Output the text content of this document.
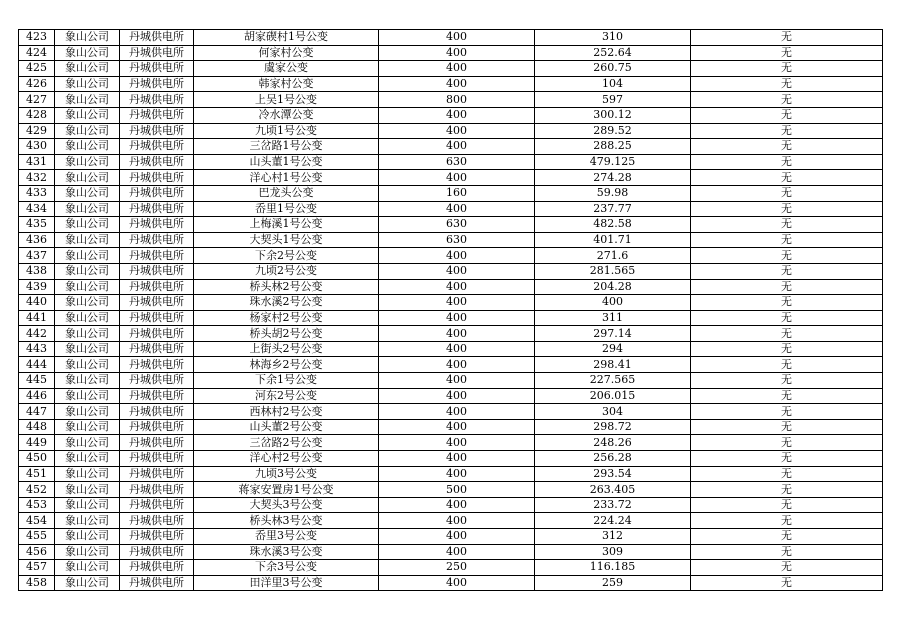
423	象山公司	丹城供电所	胡家碶村1号公变	400	310	无
424	象山公司	丹城供电所	何家村公变	400	252.64	无
425	象山公司	丹城供电所	虞家公变	400	260.75	无
426	象山公司	丹城供电所	韩家村公变	400	104	无
427	象山公司	丹城供电所	上吴1号公变	800	597	无
428	象山公司	丹城供电所	冷水潭公变	400	300.12	无
429	象山公司	丹城供电所	九顷1号公变	400	289.52	无
430	象山公司	丹城供电所	三岔路1号公变	400	288.25	无
431	象山公司	丹城供电所	山头董1号公变	630	479.125	无
432	象山公司	丹城供电所	洋心村1号公变	400	274.28	无
433	象山公司	丹城供电所	巴龙头公变	160	59.98	无
434	象山公司	丹城供电所	岙里1号公变	400	237.77	无
435	象山公司	丹城供电所	上梅溪1号公变	630	482.58	无
436	象山公司	丹城供电所	大契头1号公变	630	401.71	无
437	象山公司	丹城供电所	下余2号公变	400	271.6	无
438	象山公司	丹城供电所	九顷2号公变	400	281.565	无
439	象山公司	丹城供电所	桥头林2号公变	400	204.28	无
440	象山公司	丹城供电所	珠水溪2号公变	400	400	无
441	象山公司	丹城供电所	杨家村2号公变	400	311	无
442	象山公司	丹城供电所	桥头胡2号公变	400	297.14	无
443	象山公司	丹城供电所	上街头2号公变	400	294	无
444	象山公司	丹城供电所	林海乡2号公变	400	298.41	无
445	象山公司	丹城供电所	下余1号公变	400	227.565	无
446	象山公司	丹城供电所	河东2号公变	400	206.015	无
447	象山公司	丹城供电所	西林村2号公变	400	304	无
448	象山公司	丹城供电所	山头董2号公变	400	298.72	无
449	象山公司	丹城供电所	三岔路2号公变	400	248.26	无
450	象山公司	丹城供电所	洋心村2号公变	400	256.28	无
451	象山公司	丹城供电所	九顷3号公变	400	293.54	无
452	象山公司	丹城供电所	蒋家安置房1号公变	500	263.405	无
453	象山公司	丹城供电所	大契头3号公变	400	233.72	无
454	象山公司	丹城供电所	桥头林3号公变	400	224.24	无
455	象山公司	丹城供电所	岙里3号公变	400	312	无
456	象山公司	丹城供电所	珠水溪3号公变	400	309	无
457	象山公司	丹城供电所	下余3号公变	250	116.185	无
458	象山公司	丹城供电所	田洋里3号公变	400	259	无
